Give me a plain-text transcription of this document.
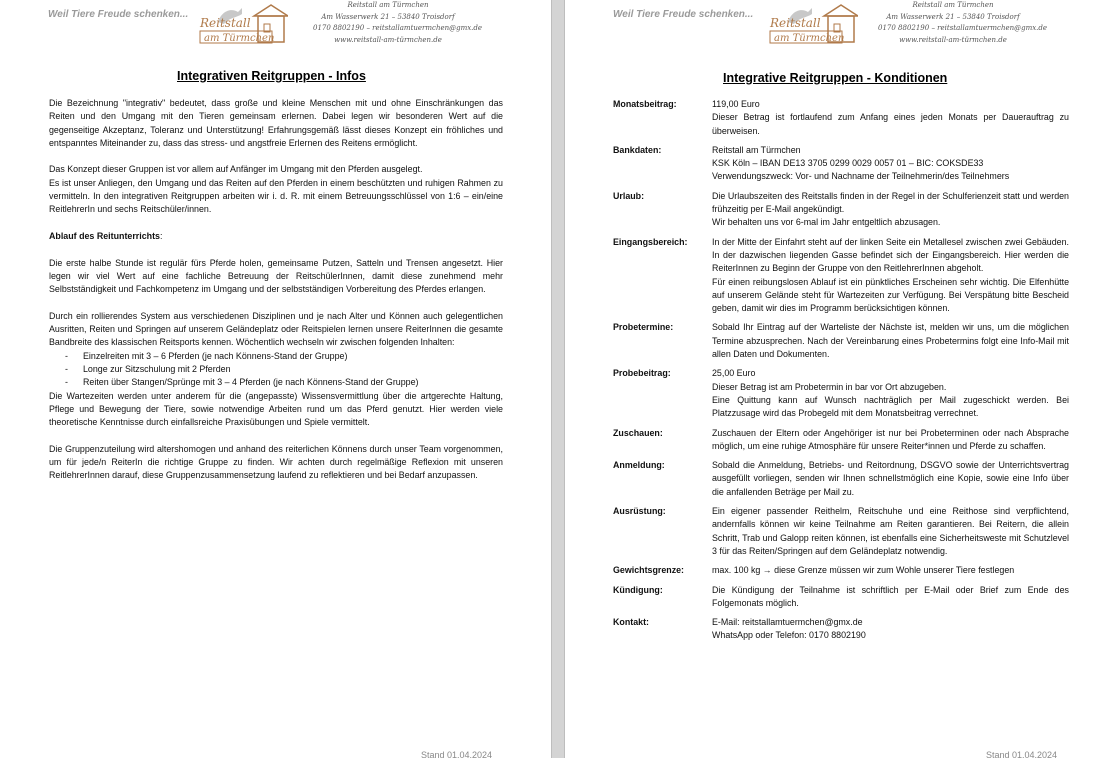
Weil Tiere Freude schenken...
Reitstall
am Türmchen
Reitstall am Türmchen
Am Wasserwerk 21 – 53840 Troisdorf
0170 8802190 – reitstallamtuermchen@gmx.de
www.reitstall-am-türmchen.de
Integrativen Reitgruppen - Infos

Die Bezeichnung "integrativ" bedeutet, dass große und kleine Menschen mit und ohne Einschränkungen das Reiten und den Umgang mit den Tieren gemeinsam erlernen. Dabei legen wir besonderen Wert auf die gegenseitige Akzeptanz, Toleranz und Unterstützung! Erfahrungsgemäß lässt dieses Konzept ein fröhliches und entspanntes Miteinander zu, dass das stress- und angstfreie Erlernen des Reitens ermöglicht.

Das Konzept dieser Gruppen ist vor allem auf Anfänger im Umgang mit den Pferden ausgelegt.

Es ist unser Anliegen, den Umgang und das Reiten auf den Pferden in einem beschützten und ruhigen Rahmen zu vermitteln. In den integrativen Reitgruppen arbeiten wir i. d. R. mit einem Betreuungsschlüssel von 1:6 – ein/eine ReitlehrerIn und sechs Reitschüler/innen.

Ablauf des Reitunterrichts:

Die erste halbe Stunde ist regulär fürs Pferde holen, gemeinsame Putzen, Satteln und Trensen angesetzt. Hier legen wir viel Wert auf eine fachliche Betreuung der ReitschülerInnen, damit diese zunehmend mehr Selbstständigkeit und Fachkompetenz im Umgang und der selbstständigen Vorbereitung des Pferdes erlangen.

Durch ein rollierendes System aus verschiedenen Disziplinen und je nach Alter und Können auch gelegentlichen Ausritten, Reiten und Springen auf unserem Geländeplatz oder Reitspielen lernen unsere ReiterInnen die gesamte Bandbreite des klassischen Reitsports kennen. Wöchentlich wechseln wir zwischen folgenden Inhalten:

- Einzelreiten mit 3 – 6 Pferden (je nach Könnens-Stand der Gruppe)
- Longe zur Sitzschulung mit 2 Pferden
- Reiten über Stangen/Sprünge mit 3 – 4 Pferden (je nach Könnens-Stand der Gruppe)

Die Wartezeiten werden unter anderem für die (angepasste) Wissensvermittlung über die artgerechte Haltung, Pflege und Bewegung der Tiere, sowie notwendige Arbeiten rund um das Pferd genutzt. Hier werden viele theoretische Kenntnisse durch einfallsreiche Praxisübungen und Spiele vermittelt.

Die Gruppenzuteilung wird altershomogen und anhand des reiterlichen Könnens durch unser Team vorgenommen, um für jede/n ReiterIn die richtige Gruppe zu finden. Wir achten durch regelmäßige Reflexion mit unseren ReitlehrerInnen darauf, diese Gruppenzusammensetzung laufend zu reflektieren und bei Bedarf anzupassen.

Stand 01.04.2024
Weil Tiere Freude schenken...
Reitstall
am Türmchen
Reitstall am Türmchen
Am Wasserwerk 21 – 53840 Troisdorf
0170 8802190 – reitstallamtuermchen@gmx.de
www.reitstall-am-türmchen.de
Integrative Reitgruppen - Konditionen
Monatsbeitrag:	119,00 Euro
Dieser Betrag ist fortlaufend zum Anfang eines jeden Monats per Dauerauftrag zu überweisen.
Bankdaten:	Reitstall am Türmchen
KSK Köln – IBAN DE13 3705 0299 0029 0057 01 – BIC: COKSDE33
Verwendungszweck: Vor- und Nachname der Teilnehmerin/des Teilnehmers
Urlaub:	Die Urlaubszeiten des Reitstalls finden in der Regel in der Schulferienzeit statt und werden frühzeitig per E-Mail angekündigt.
Wir behalten uns vor 6-mal im Jahr entgeltlich abzusagen.
Eingangsbereich:	In der Mitte der Einfahrt steht auf der linken Seite ein Metallesel zwischen zwei Gebäuden. In der dazwischen liegenden Gasse befindet sich der Eingangsbereich. Hier werden die ReiterInnen zu Beginn der Gruppe von den ReitlehrerInnen abgeholt.
Für einen reibungslosen Ablauf ist ein pünktliches Erscheinen sehr wichtig. Die Elfenhütte auf unserem Gelände steht für Wartezeiten zur Verfügung. Bei Verspätung bitte Bescheid geben, damit wir dies im Programm berücksichtigen können.
Probetermine:	Sobald Ihr Eintrag auf der Warteliste der Nächste ist, melden wir uns, um die möglichen Termine abzusprechen. Nach der Vereinbarung eines Probetermins folgt eine Info-Mail mit allen Daten und Dokumenten.
Probebeitrag:	25,00 Euro
Dieser Betrag ist am Probetermin in bar vor Ort abzugeben.
Eine Quittung kann auf Wunsch nachträglich per Mail zugeschickt werden. Bei Platzzusage wird das Probegeld mit dem Monatsbeitrag verrechnet.
Zuschauen:	Zuschauen der Eltern oder Angehöriger ist nur bei Probeterminen oder nach Absprache möglich, um eine ruhige Atmosphäre für unsere Reiter*innen und Pferde zu schaffen.
Anmeldung:	Sobald die Anmeldung, Betriebs- und Reitordnung, DSGVO sowie der Unterrichtsvertrag ausgefüllt vorliegen, senden wir Ihnen schnellstmöglich eine Kopie, sowie eine Info über die anfallenden Beträge per Mail zu.
Ausrüstung:	Ein eigener passender Reithelm, Reitschuhe und eine Reithose sind verpflichtend, andernfalls können wir keine Teilnahme am Reiten garantieren. Bei Reitern, die allein Schritt, Trab und Galopp reiten können, ist ebenfalls eine Sicherheitsweste mit Schutzlevel 3 für das Reiten/Springen auf dem Geländeplatz notwendig.
Gewichtsgrenze:	max. 100 kg → diese Grenze müssen wir zum Wohle unserer Tiere festlegen
Kündigung:	Die Kündigung der Teilnahme ist schriftlich per E-Mail oder Brief zum Ende des Folgemonats möglich.
Kontakt:	E-Mail: reitstallamtuermchen@gmx.de
WhatsApp oder Telefon: 0170 8802190
Stand 01.04.2024
